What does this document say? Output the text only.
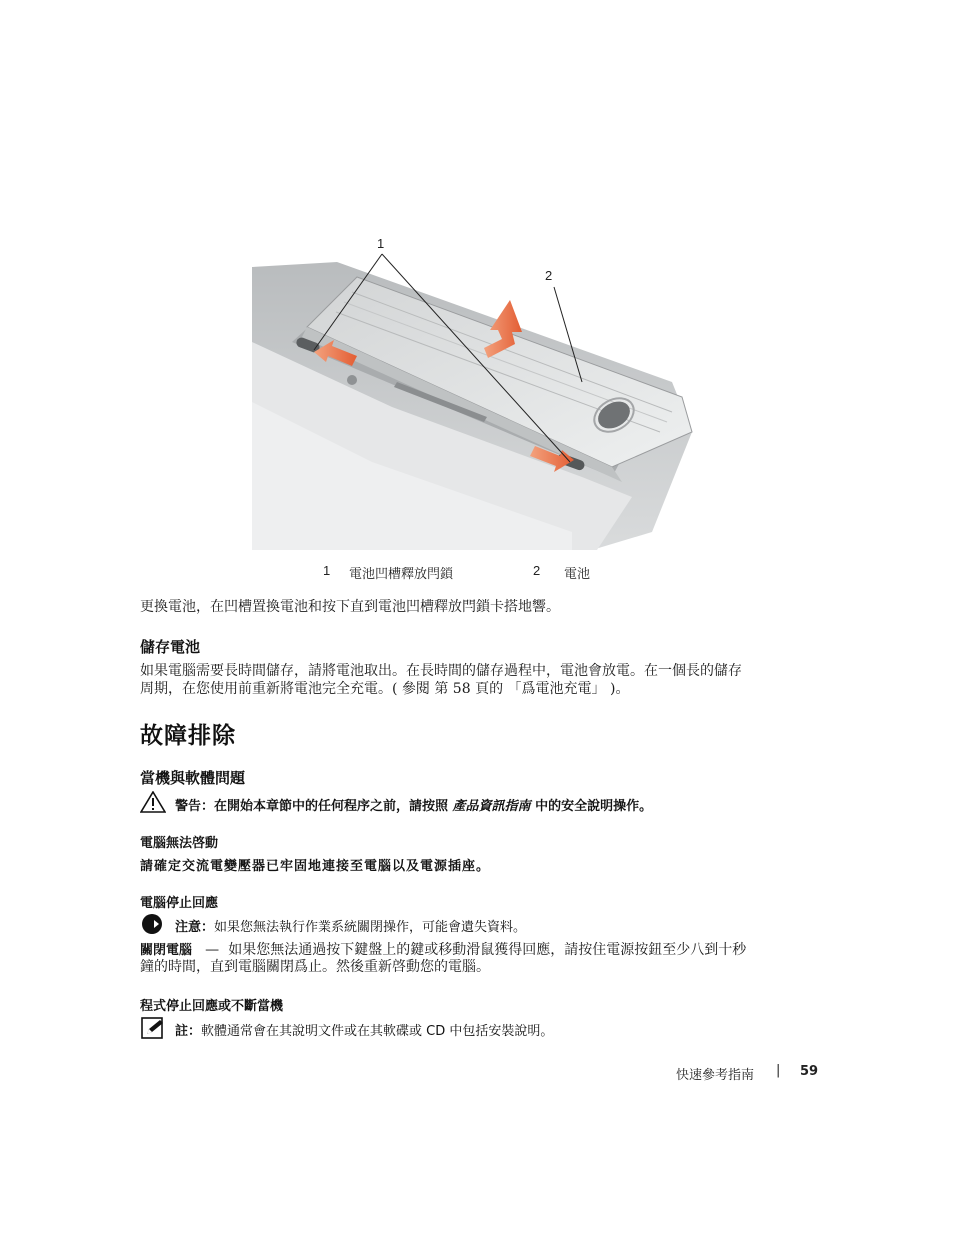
1
2
1 電池凹槽釋放閂鎖	2 電池
更換電池，在凹槽置換電池和按下直到電池凹槽釋放閂鎖卡搭地響。
儲存電池
如果電腦需要長時間儲存，請將電池取出。在長時間的儲存過程中，電池會放電。在一個長的儲存
周期，在您使用前重新將電池完全充電。( 參閱 第 58 頁的 「爲電池充電」 )。
故障排除
當機與軟體問題
警告：在開始本章節中的任何程序之前，請按照 產品資訊指南 中的安全說明操作。
電腦無法啓動
請確定交流電變壓器已牢固地連接至電腦以及電源插座。
電腦停止回應
注意：如果您無法執行作業系統關閉操作，可能會遺失資料。
關閉電腦 — 如果您無法通過按下鍵盤上的鍵或移動滑鼠獲得回應，請按住電源按鈕至少八到十秒
鐘的時間，直到電腦關閉爲止。然後重新啓動您的電腦。
程式停止回應或不斷當機
註：軟體通常會在其說明文件或在其軟碟或 CD 中包括安裝說明。
快速參考指南 | 59
